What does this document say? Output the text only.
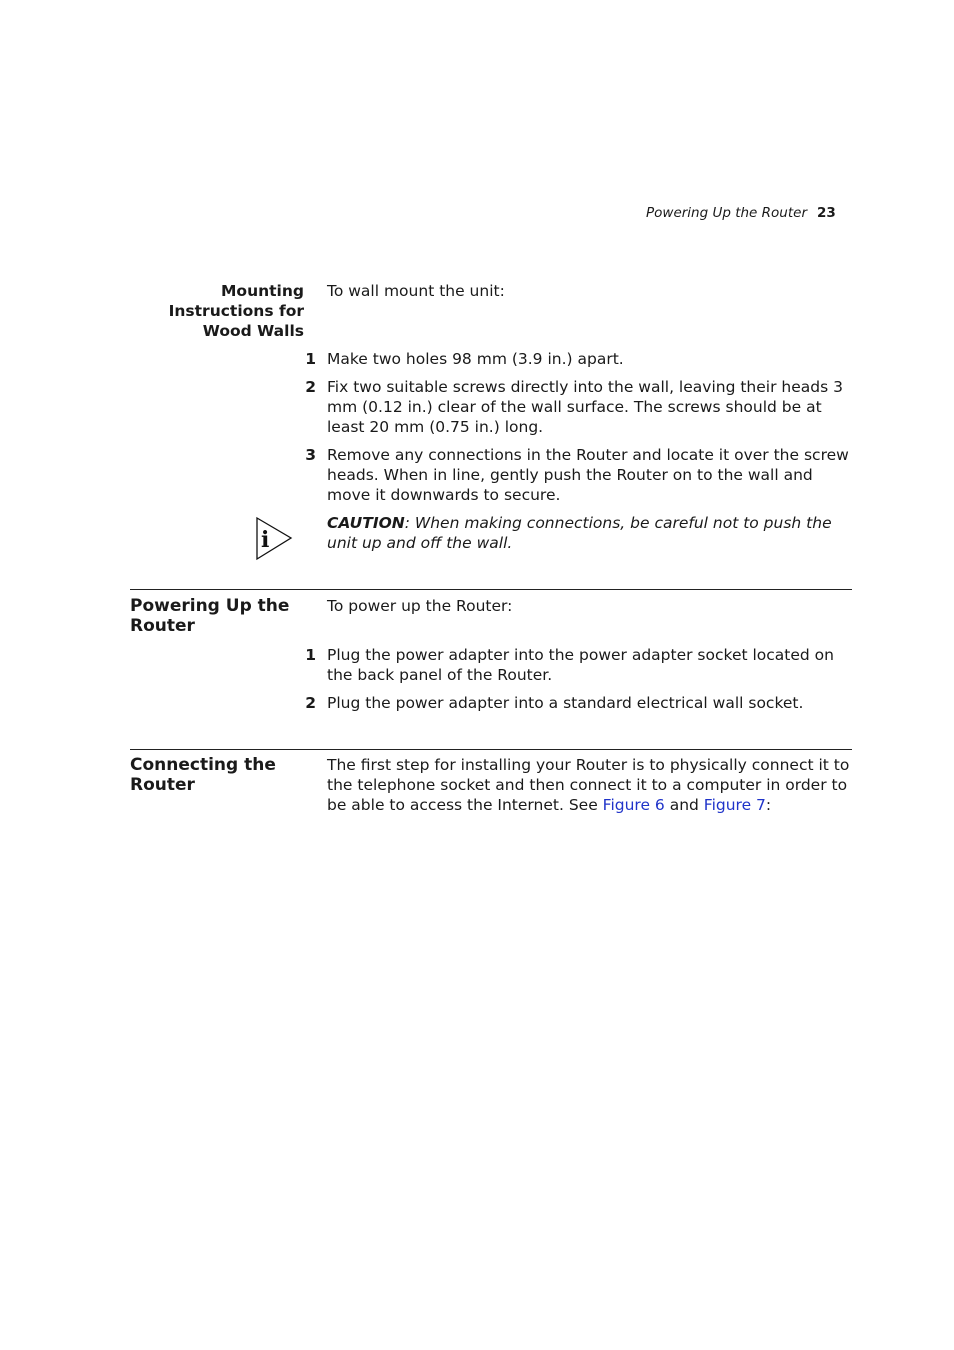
Powering Up the Router 23
Mounting
Instructions for
Wood Walls
To wall mount the unit:
1 Make two holes 98 mm (3.9 in.) apart.
2 Fix two suitable screws directly into the wall, leaving their heads 3 mm (0.12 in.) clear of the wall surface. The screws should be at least 20 mm (0.75 in.) long.
3 Remove any connections in the Router and locate it over the screw heads. When in line, gently push the Router on to the wall and move it downwards to secure.
i
CAUTION: When making connections, be careful not to push the unit up and off the wall.
Powering Up the
Router
To power up the Router:
1 Plug the power adapter into the power adapter socket located on the back panel of the Router.
2 Plug the power adapter into a standard electrical wall socket.
Connecting the
Router
The first step for installing your Router is to physically connect it to the telephone socket and then connect it to a computer in order to be able to access the Internet. See Figure 6 and Figure 7:
